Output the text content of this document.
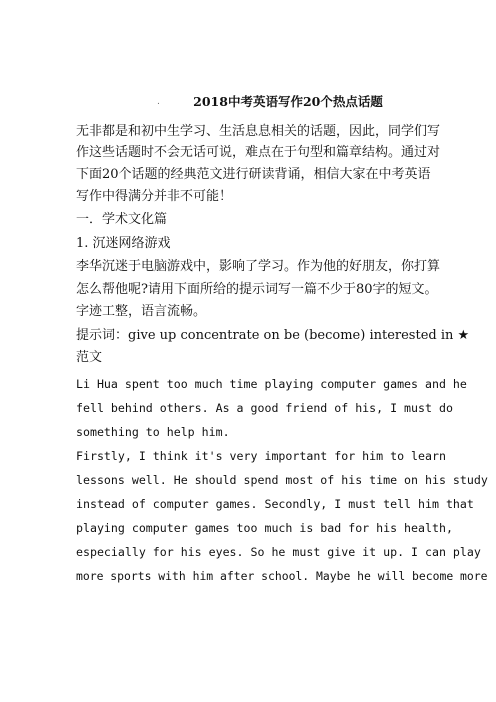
.	2018中考英语写作20个热点话题
无非都是和初中生学习、生活息息相关的话题，因此，同学们写
作这些话题时不会无话可说，难点在于句型和篇章结构。通过对
下面20个话题的经典范文进行研读背诵，相信大家在中考英语
写作中得满分并非不可能！
一．学术文化篇
1. 沉迷网络游戏
李华沉迷于电脑游戏中，影响了学习。作为他的好朋友，你打算
怎么帮他呢?请用下面所给的提示词写一篇不少于80字的短文。
字迹工整，语言流畅。
提示词：give up concentrate on be (become) interested in ★
范文
Li Hua spent too much time playing computer games and he
fell behind others. As a good friend of his, I must do
something to help him.
Firstly, I think it's very important for him to learn
lessons well. He should spend most of his time on his study
instead of computer games. Secondly, I must tell him that
playing computer games too much is bad for his health,
especially for his eyes. So he must give it up. I can play
more sports with him after school. Maybe he will become more
